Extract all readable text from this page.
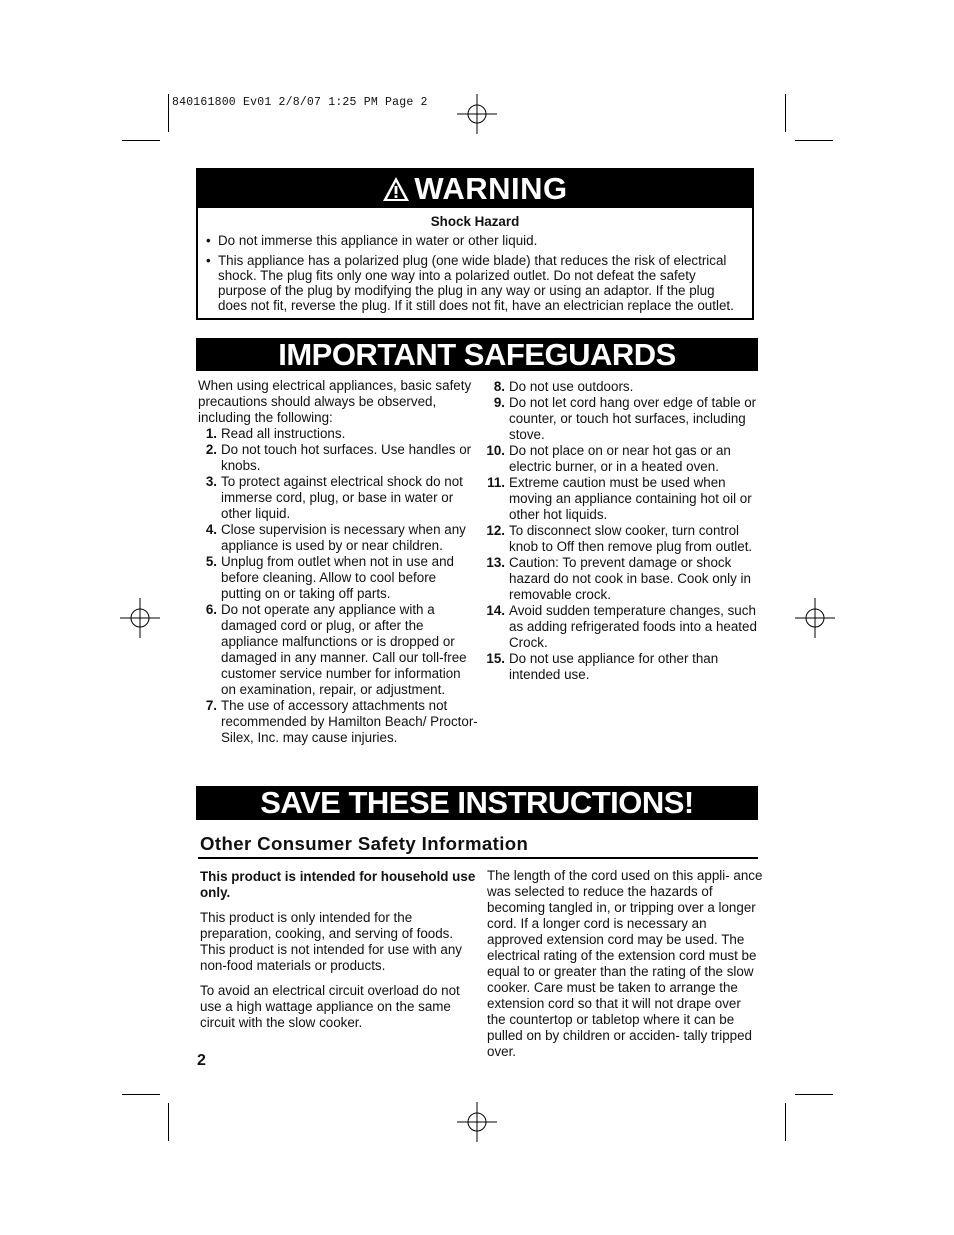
840161800 Ev01 2/8/07 1:25 PM Page 2
WARNING
Shock Hazard
• Do not immerse this appliance in water or other liquid.
• This appliance has a polarized plug (one wide blade) that reduces the risk of electrical shock. The plug fits only one way into a polarized outlet. Do not defeat the safety purpose of the plug by modifying the plug in any way or using an adaptor. If the plug does not fit, reverse the plug. If it still does not fit, have an electrician replace the outlet.
IMPORTANT SAFEGUARDS
When using electrical appliances, basic safety precautions should always be observed, including the following:
1. Read all instructions.
2. Do not touch hot surfaces. Use handles or knobs.
3. To protect against electrical shock do not immerse cord, plug, or base in water or other liquid.
4. Close supervision is necessary when any appliance is used by or near children.
5. Unplug from outlet when not in use and before cleaning. Allow to cool before putting on or taking off parts.
6. Do not operate any appliance with a damaged cord or plug, or after the appliance malfunctions or is dropped or damaged in any manner. Call our toll-free customer service number for information on examination, repair, or adjustment.
7. The use of accessory attachments not recommended by Hamilton Beach/ Proctor-Silex, Inc. may cause injuries.
8. Do not use outdoors.
9. Do not let cord hang over edge of table or counter, or touch hot surfaces, including stove.
10. Do not place on or near hot gas or an electric burner, or in a heated oven.
11. Extreme caution must be used when moving an appliance containing hot oil or other hot liquids.
12. To disconnect slow cooker, turn control knob to Off then remove plug from outlet.
13. Caution: To prevent damage or shock hazard do not cook in base. Cook only in removable crock.
14. Avoid sudden temperature changes, such as adding refrigerated foods into a heated Crock.
15. Do not use appliance for other than intended use.
SAVE THESE INSTRUCTIONS!
Other Consumer Safety Information

This product is intended for household use only.

This product is only intended for the preparation, cooking, and serving of foods. This product is not intended for use with any non-food materials or products.

To avoid an electrical circuit overload do not use a high wattage appliance on the same circuit with the slow cooker.

The length of the cord used on this appli- ance was selected to reduce the hazards of becoming tangled in, or tripping over a longer cord. If a longer cord is necessary an approved extension cord may be used. The electrical rating of the extension cord must be equal to or greater than the rating of the slow cooker. Care must be taken to arrange the extension cord so that it will not drape over the countertop or tabletop where it can be pulled on by children or acciden- tally tripped over.
2
